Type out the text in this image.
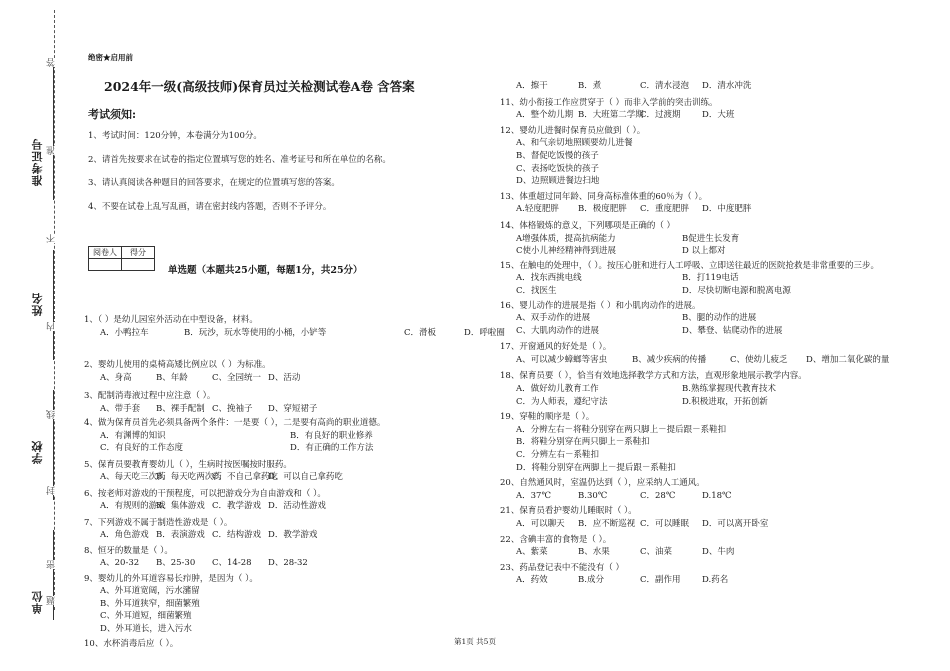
准考证号
姓名
学校
单位
答
准
不
内
线
封
密
题
绝密★启用前
2024年一级(高级技师)保育员过关检测试卷A卷 含答案
考试须知:
1、考试时间：120分钟，本卷满分为100分。
2、请首先按要求在试卷的指定位置填写您的姓名、准考证号和所在单位的名称。
3、请认真阅读各种题目的回答要求，在规定的位置填写您的答案。
4、不要在试卷上乱写乱画，请在密封线内答题，否则不予评分。
阅卷人	得分

单选题（本题共25小题，每题1分，共25分）
1、（ ）是幼儿园室外活动在中型设备，材料。
A．小鸭拉车	B．玩沙，玩水等使用的小桶，小铲等	C．滑板	D．呼啦圈
2、婴幼儿使用的桌椅高矮比例应以（ ）为标准。
A、身高	B、年龄	C、全园统一 D、活动
3、配制消毒液过程中应注意（ ）。
A、带手套 B、裸手配制 C、挽袖子 D、穿短裙子
4、做为保育员首先必须具备两个条件：一是要（ ），二是要有高尚的职业道德。
A．有渊博的知识	B．有良好的职业修养
C．有良好的工作态度	D．有正确的工作方法
5、保育员要教育婴幼儿（ ），生病时按医嘱按时服药。
A、每天吃三次药B、每天吃两次药C、不自己拿药吃D、可以自己拿药吃
6、按老师对游戏的干预程度，可以把游戏分为自由游戏和（ ）。
A．有规则的游戏B．集体游戏 C．教学游戏 D．活动性游戏
7、下列游戏不属于制造性游戏是（ ）。
A．角色游戏 B．表演游戏 C．结构游戏 D．教学游戏
8、恒牙的数量是（ ）。
A、20-32 B、25-30 C、14-28 D、28-32
9、婴幼儿的外耳道容易长疖肿，是因为（ ）。
A、外耳道宽阔，污水瀦留
B、外耳道狭窄，细菌繁殖
C、外耳道短，细菌繁殖
D、外耳道长，进入污水
10、水杯消毒后应（ ）。
A．擦干	B．煮	C．清水浸泡 D．清水冲洗
11、幼小衔接工作应贯穿于（ ）而非入学前的突击训练。
A．整个幼儿期 B．大班第二学期C．过渡期	D．大班
12、婴幼儿进餐时保育员应做到（ ）。
A、和气亲切地照顾要幼儿进餐
B、督促吃饭慢的孩子
C、表扬吃饭快的孩子
D、边照顾进餐边扫地
13、体重超过同年龄、同身高标准体重的60％为（ ）。
A.轻度肥胖 B．极度肥胖 C．重度肥胖 D．中度肥胖
14、体格锻炼的意义，下列哪项是正确的（ ）
A增强体质，提高抗病能力	B促进生长发育
C使小儿神经精神得到进展	D 以上都对
15、在触电的处理中，（ ）。按压心脏和进行人工呼吸、立即送往最近的医院抢救是非常重要的三步。
A．找东西挑电线	B．打119电话
C．找医生	D．尽快切断电源和脱离电源
16、婴儿动作的进展是指（ ）和小肌肉动作的进展。
A、双手动作的进展	B、腿的动作的进展
C、大肌肉动作的进展	D、攀登、钻爬动作的进展
17、开窗通风的好处是（ ）。
A、可以减少蟑螂等害虫	B、减少疾病的传播	C、使幼儿疲乏 D、增加二氧化碳的量
18、保育员要（ ），恰当有效地选择教学方式和方法，直观形象地展示教学内容。
A．做好幼儿教育工作	B.熟练掌握现代教育技术
C．为人师表，遵纪守法	D.积极进取，开拓创新
19、穿鞋的顺序是（ ）。
A．分辨左右－将鞋分别穿在两只脚上－提后跟－系鞋扣
B．将鞋分别穿在两只脚上－系鞋扣
C．分辨左右－系鞋扣
D．将鞋分别穿在两脚上－提后跟－系鞋扣
20、自然通风时，室温仍达到（ ），应采纳人工通风。
A．37℃	B.30℃	C．28℃	D.18℃
21、保育员看护婴幼儿睡眠时（ ）。
A．可以聊天 B．应不断巡视 C．可以睡眠 D．可以离开卧室
22、含碘丰富的食物是（ ）。
A、紫菜	B、水果	C、油菜	D、牛肉
23、药品登记表中不能没有（ ）
A．药效	B.成分	C．副作用	D.药名
第1页 共5页
